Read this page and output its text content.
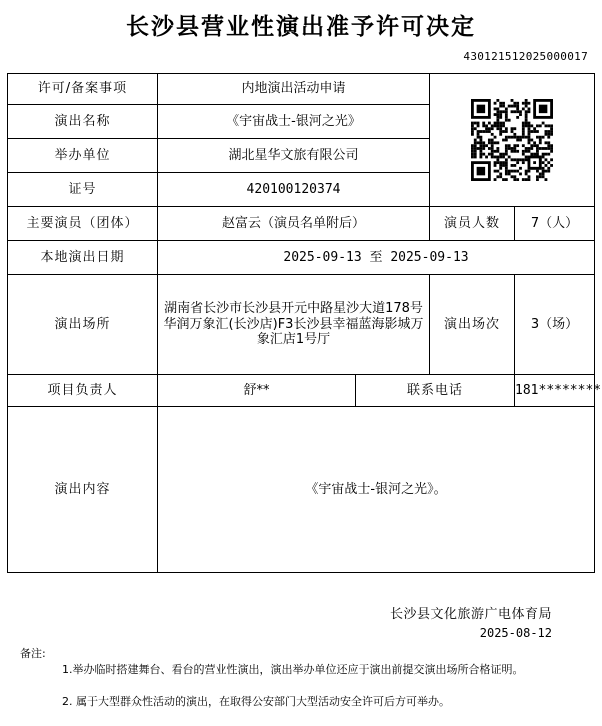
长沙县营业性演出准予许可决定
430121512025000017
许可/备案事项	内地演出活动申请	

演出名称	《宇宙战士-银河之光》			
举办单位	湖北星华文旅有限公司			
证号	420100120374			
主要演员（团体）	赵富云（演员名单附后）		演员人数	7（人）
本地演出日期	2025-09-13 至 2025-09-13			
演出场所	湖南省长沙市长沙县开元中路星沙大道178号华润万象汇(长沙店)F3长沙县幸福蓝海影城万象汇店1号厅		演出场次	3（场）
项目负责人	舒**	联系电话		181********
演出内容	《宇宙战士-银河之光》。			
长沙县文化旅游广电体育局
2025-08-12
备注:
1.举办临时搭建舞台、看台的营业性演出，演出举办单位还应于演出前提交演出场所合格证明。
2. 属于大型群众性活动的演出，在取得公安部门大型活动安全许可后方可举办。
